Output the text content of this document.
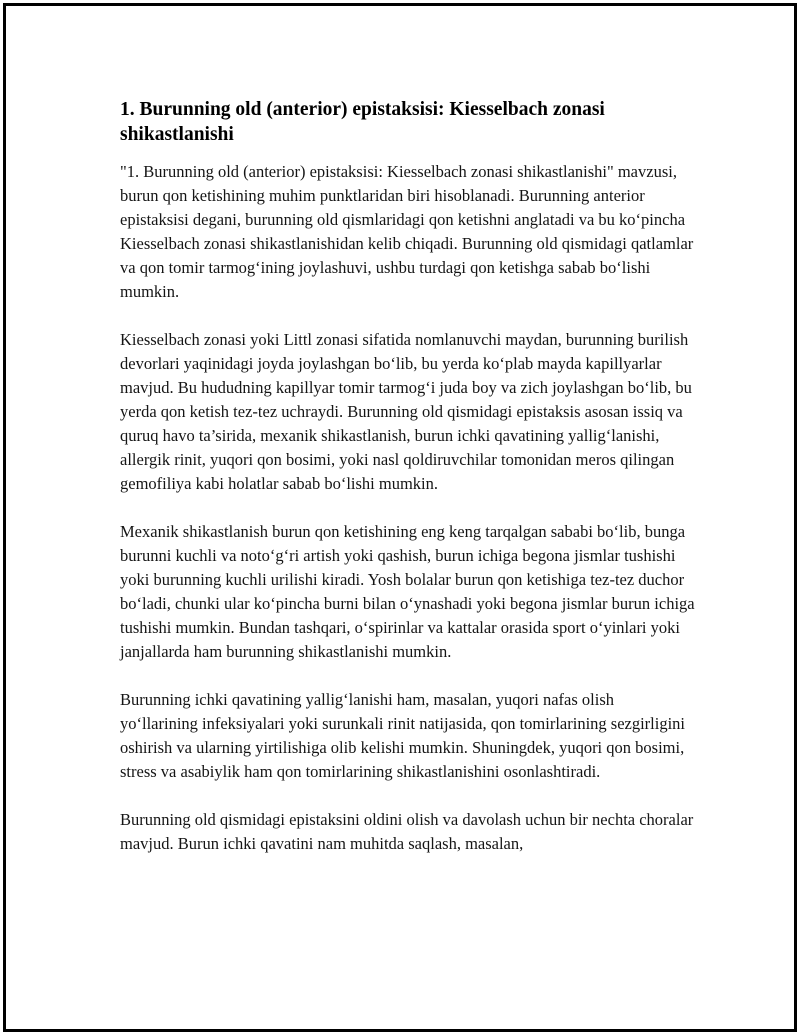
1. Burunning old (anterior) epistaksisi: Kiesselbach zonasi shikastlanishi

"1. Burunning old (anterior) epistaksisi: Kiesselbach zonasi shikastlanishi" mavzusi, burun qon ketishining muhim punktlaridan biri hisoblanadi. Burunning anterior epistaksisi degani, burunning old qismlaridagi qon ketishni anglatadi va bu ko‘pincha Kiesselbach zonasi shikastlanishidan kelib chiqadi. Burunning old qismidagi qatlamlar va qon tomir tarmog‘ining joylashuvi, ushbu turdagi qon ketishga sabab bo‘lishi mumkin.

Kiesselbach zonasi yoki Littl zonasi sifatida nomlanuvchi maydan, burunning burilish devorlari yaqinidagi joyda joylashgan bo‘lib, bu yerda ko‘plab mayda kapillyarlar mavjud. Bu hududning kapillyar tomir tarmog‘i juda boy va zich joylashgan bo‘lib, bu yerda qon ketish tez-tez uchraydi. Burunning old qismidagi epistaksis asosan issiq va quruq havo ta’sirida, mexanik shikastlanish, burun ichki qavatining yallig‘lanishi, allergik rinit, yuqori qon bosimi, yoki nasl qoldiruvchilar tomonidan meros qilingan gemofiliya kabi holatlar sabab bo‘lishi mumkin.

Mexanik shikastlanish burun qon ketishining eng keng tarqalgan sababi bo‘lib, bunga burunni kuchli va noto‘g‘ri artish yoki qashish, burun ichiga begona jismlar tushishi yoki burunning kuchli urilishi kiradi. Yosh bolalar burun qon ketishiga tez-tez duchor bo‘ladi, chunki ular ko‘pincha burni bilan o‘ynashadi yoki begona jismlar burun ichiga tushishi mumkin. Bundan tashqari, o‘spirinlar va kattalar orasida sport o‘yinlari yoki janjallarda ham burunning shikastlanishi mumkin.

Burunning ichki qavatining yallig‘lanishi ham, masalan, yuqori nafas olish yo‘llarining infeksiyalari yoki surunkali rinit natijasida, qon tomirlarining sezgirligini oshirish va ularning yirtilishiga olib kelishi mumkin. Shuningdek, yuqori qon bosimi, stress va asabiylik ham qon tomirlarining shikastlanishini osonlashtiradi.

Burunning old qismidagi epistaksini oldini olish va davolash uchun bir nechta choralar mavjud. Burun ichki qavatini nam muhitda saqlash, masalan,
